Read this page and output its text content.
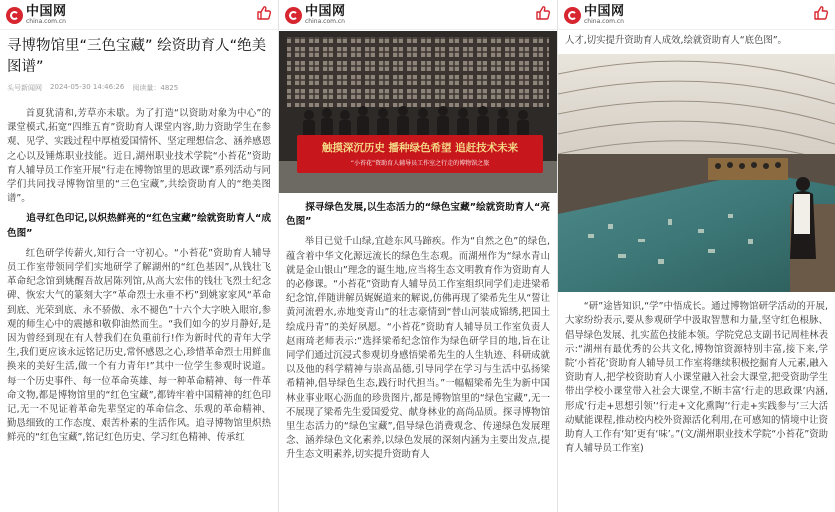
中国网
china.com.cn
寻博物馆里“三色宝藏” 绘资助育人“绝美图谱”
头号新闻网 2024-05-30 14:46:26 阅读量：4825

首夏犹清和,芳草亦未歇。为了打造“以资助对象为中心”的课堂模式,拓宽“四维五育”资助育人课堂内容,助力资助学生在参观、见学、实践过程中厚植爱国情怀、坚定理想信念、涵养感恩之心以及锤炼职业技能。近日,湖州职业技术学院“小苔花”资助育人辅导员工作室开展“行走在博物馆里的思政课”系列活动与同学们共同找寻博物馆里的“三色宝藏”,共绘资助育人的“绝美图谱”。

追寻红色印记,以炽热鲜亮的“红色宝藏”绘就资助育人“成色图”

红色研学传薪火,知行合一守初心。“小苔花”资助育人辅导员工作室带领同学们实地研学了解湖州的“红色基因”,从钱壮飞革命纪念馆到姚醒吾故居陈列馆,从高大宏伟的钱壮飞烈士纪念碑、恢宏大气的篆刻大字“革命烈士永垂不朽”到姚家家风“革命到底、光荣到底、永不骄傲、永不褪色”十六个大字映入眼帘,参观的师生心中的震撼和敬仰油然而生。“我们如今的岁月静好,是因为曾经到现在有人替我们在负重前行!作为新时代的青年大学生,我们更应该永远铭记历史,常怀感恩之心,珍惜革命烈士用鲜血换来的美好生活,做一个有力青年!”其中一位学生参观时说道。每一个历史事件、每一位革命英雄、每一种革命精神、每一件革命文物,都是博物馆里的“红色宝藏”,都铸牢着中国精神的红色印记,无一不见证着革命先辈坚定的革命信念、乐观的革命精神、勤恳细致的工作态度、艰苦朴素的生活作风。追寻博物馆里炽热鲜亮的“红色宝藏”,铭记红色历史、学习红色精神、传承红

中国网
china.com.cn
触摸深沉历史 播种绿色希望 追赶技术未来
“小苔花”资助育人辅导员工作室之行走的博物馆之旅

探寻绿色发展,以生态活力的“绿色宝藏”绘就资助育人“亮色图”

举目已觉千山绿,宜趁东风马蹄疾。作为“自然之色”的绿色,蕴含着中华文化源远流长的绿色生态观。而湖州作为“绿水青山就是金山银山”理念的诞生地,应当将生态文明教育作为资助育人的必修课。“小苔花”资助育人辅导员工作室组织同学们走进梁希纪念馆,伴随讲解员娓娓道来的解说,仿佛再现了梁希先生从“誓让黄河流碧水,赤地变青山”的壮志豪情到“替山河装成锦绣,把国土绘成丹青”的美好夙愿。“小苔花”资助育人辅导员工作室负责人赵雨琦老师表示:“选择梁希纪念馆作为绿色研学目的地,旨在让同学们通过沉浸式参观切身感悟梁希先生的人生轨迹、科研成就以及他的科学精神与崇高品德,引导同学在学习与生活中弘扬梁希精神,倡导绿色生态,践行时代担当。”一幅幅梁希先生为新中国林业事业呕心沥血的珍贵图片,都是博物馆里的“绿色宝藏”,无一不展现了梁希先生爱国爱党、献身林业的高尚品质。探寻博物馆里生态活力的“绿色宝藏”,倡导绿色消费观念、传递绿色发展理念、涵养绿色文化素养,以绿色发展的深刻内涵为主要出发点,提升生态文明素养,切实提升资助育人

中国网
china.com.cn

人才,切实提升资助育人成效,绘就资助育人“底色图”。

“研”途皆知识,“学”中悟成长。通过博物馆研学活动的开展,大家纷纷表示,要从参观研学中汲取智慧和力量,坚守红色根脉、倡导绿色发展、扎实蓝色技能本领。学院党总支副书记周桂林表示:“湖州有最优秀的公共文化,博物馆资源特别丰富,接下来,学院‘小苔花’资助育人辅导员工作室将继续积极挖掘育人元素,融入资助育人,把学校资助育人小课堂融入社会大课堂,把受资助学生带出学校小课堂带入社会大课堂,不断丰富‘行走的思政课’内涵,形成‘行走+思想引领’‘行走+文化熏陶’‘行走+实践参与’三大活动赋能课程,推动校内校外资源活化利用,在可感知的情境中让资助育人工作有‘知’更有‘味’。”(文/湖州职业技术学院“小苔花”资助育人辅导员工作室)
